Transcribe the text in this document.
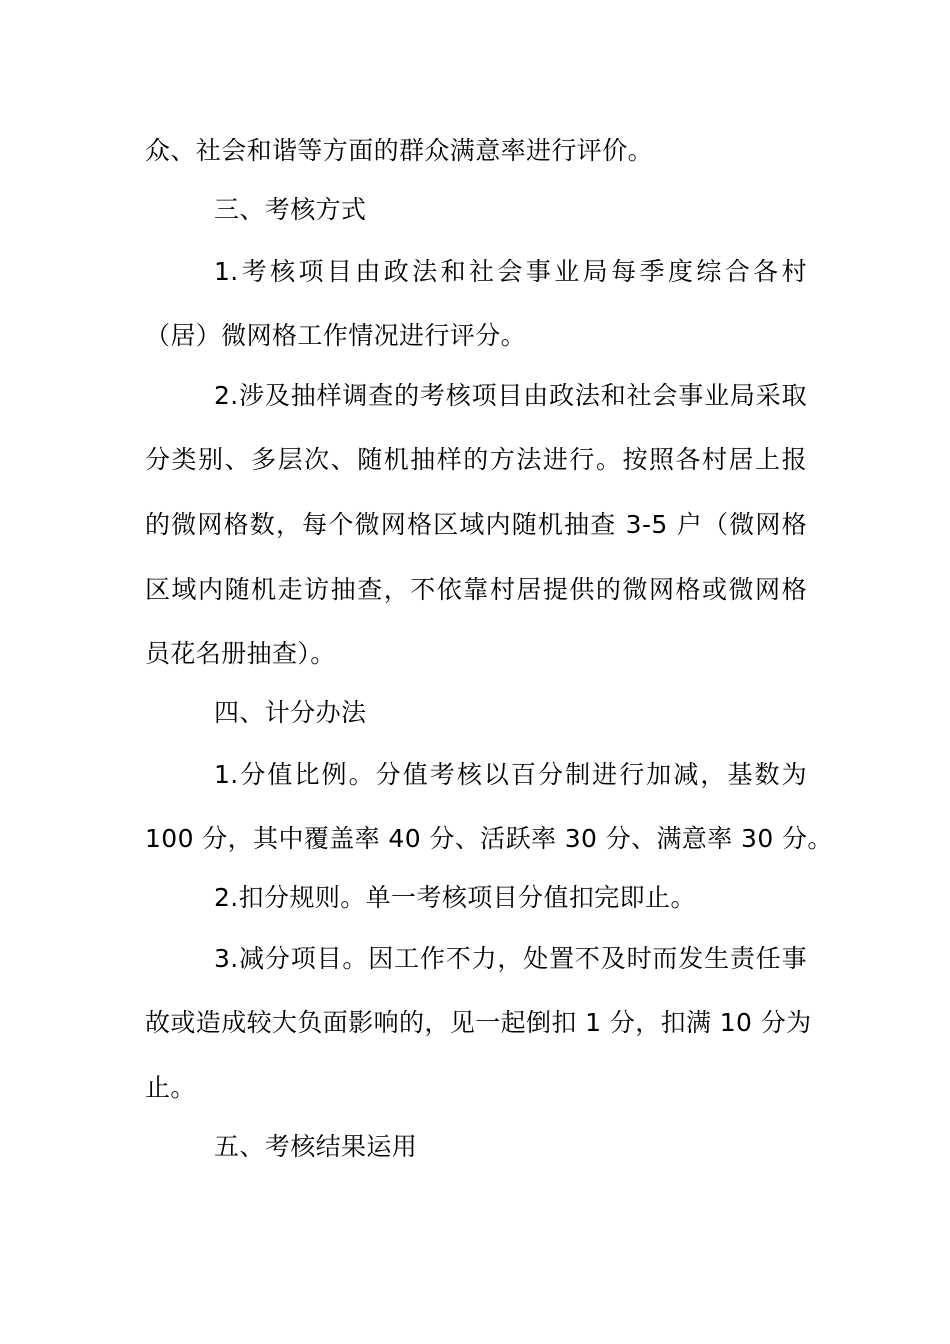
众、社会和谐等方面的群众满意率进行评价。
三、考核方式
1.考核项目由政法和社会事业局每季度综合各村
（居）微网格工作情况进行评分。
2.涉及抽样调查的考核项目由政法和社会事业局采取
分类别、多层次、随机抽样的方法进行。按照各村居上报
的微网格数，每个微网格区域内随机抽查 3-5 户（微网格
区域内随机走访抽查，不依靠村居提供的微网格或微网格
员花名册抽查）。
四、计分办法
1.分值比例。分值考核以百分制进行加减，基数为
100 分，其中覆盖率 40 分、活跃率 30 分、满意率 30 分。
2.扣分规则。单一考核项目分值扣完即止。
3.减分项目。因工作不力，处置不及时而发生责任事
故或造成较大负面影响的，见一起倒扣 1 分，扣满 10 分为
止。
五、考核结果运用
